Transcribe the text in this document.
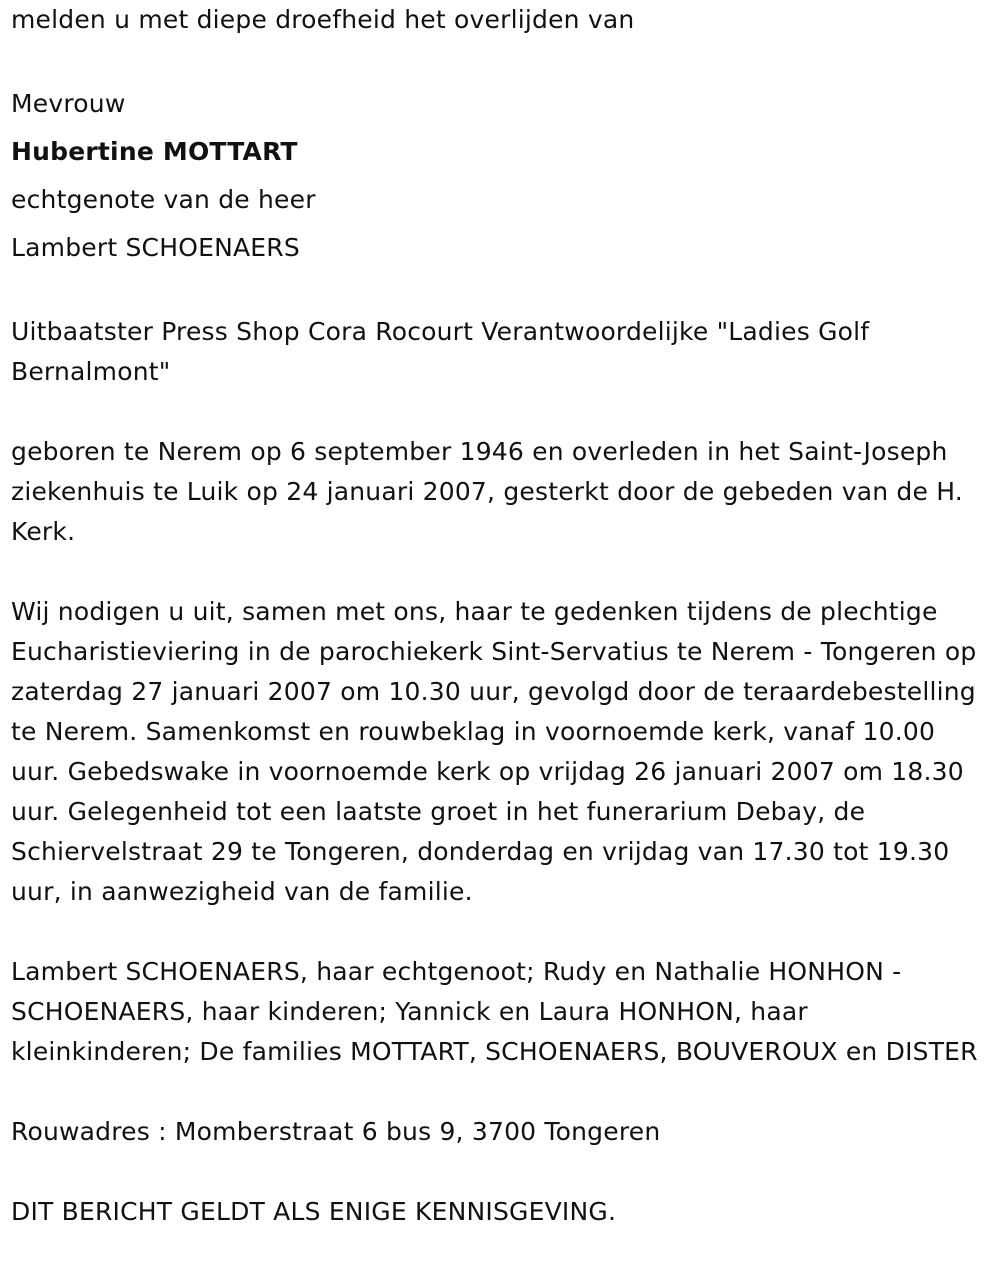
melden u met diepe droefheid het overlijden van

Mevrouw

Hubertine MOTTART

echtgenote van de heer

Lambert SCHOENAERS

Uitbaatster Press Shop Cora Rocourt Verantwoordelijke "Ladies Golf Bernalmont"

geboren te Nerem op 6 september 1946 en overleden in het Saint-Joseph ziekenhuis te Luik op 24 januari 2007, gesterkt door de gebeden van de H. Kerk.

Wij nodigen u uit, samen met ons, haar te gedenken tijdens de plechtige Eucharistieviering in de parochiekerk Sint-Servatius te Nerem - Tongeren op zaterdag 27 januari 2007 om 10.30 uur, gevolgd door de teraardebestelling te Nerem. Samenkomst en rouwbeklag in voornoemde kerk, vanaf 10.00 uur. Gebedswake in voornoemde kerk op vrijdag 26 januari 2007 om 18.30 uur. Gelegenheid tot een laatste groet in het funerarium Debay, de Schiervelstraat 29 te Tongeren, donderdag en vrijdag van 17.30 tot 19.30 uur, in aanwezigheid van de familie.

Lambert SCHOENAERS, haar echtgenoot; Rudy en Nathalie HONHON - SCHOENAERS, haar kinderen; Yannick en Laura HONHON, haar kleinkinderen; De families MOTTART, SCHOENAERS, BOUVEROUX en DISTER

Rouwadres : Momberstraat 6 bus 9, 3700 Tongeren

DIT BERICHT GELDT ALS ENIGE KENNISGEVING.
